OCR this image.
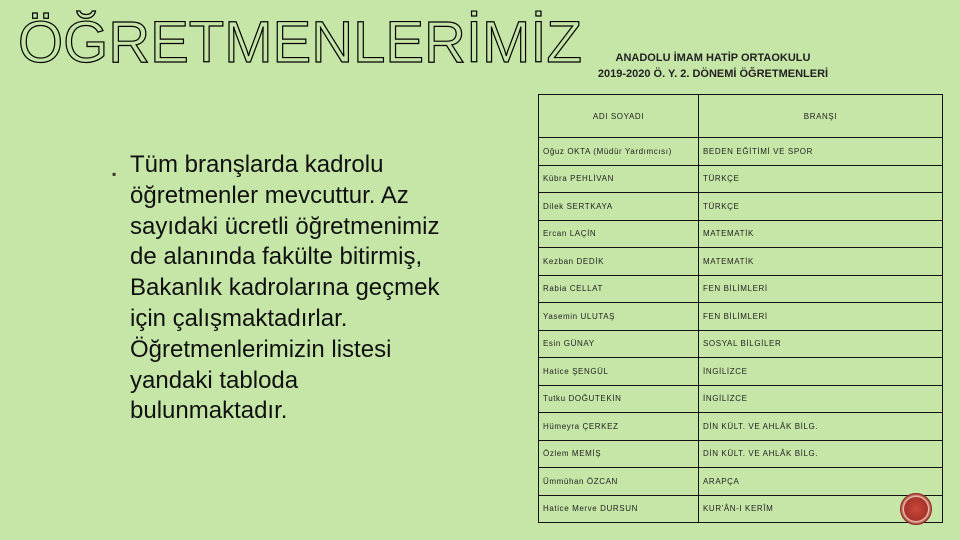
ÖĞRETMENLERİMİZ	ANADOLU İMAM HATİP ORTAOKULU
2019-2020 Ö. Y. 2. DÖNEMİ ÖĞRETMENLERİ
▪ Tüm branşlarda kadrolu öğretmenler mevcuttur. Az sayıdaki ücretli öğretmenimiz de alanında fakülte bitirmiş, Bakanlık kadrolarına geçmek için çalışmaktadırlar. Öğretmenlerimizin listesi yandaki tabloda bulunmaktadır.
ADI SOYADI	BRANŞI
Oğuz OKTA (Müdür Yardımcısı)	BEDEN EĞİTİMİ VE SPOR
Kübra PEHLİVAN	TÜRKÇE
Dilek SERTKAYA	TÜRKÇE
Ercan LAÇİN	MATEMATİK
Kezban DEDİK	MATEMATİK
Rabia CELLAT	FEN BİLİMLERİ
Yasemin ULUTAŞ	FEN BİLİMLERİ
Esin GÜNAY	SOSYAL BİLGİLER
Hatice ŞENGÜL	İNGİLİZCE
Tutku DOĞUTEKİN	İNGİLİZCE
Hümeyra ÇERKEZ	DİN KÜLT. VE AHLÂK BİLG.
Özlem MEMİŞ	DİN KÜLT. VE AHLÂK BİLG.
Ümmühan ÖZCAN	ARAPÇA
Hatice Merve DURSUN	KUR'ÂN-I KERÎM
